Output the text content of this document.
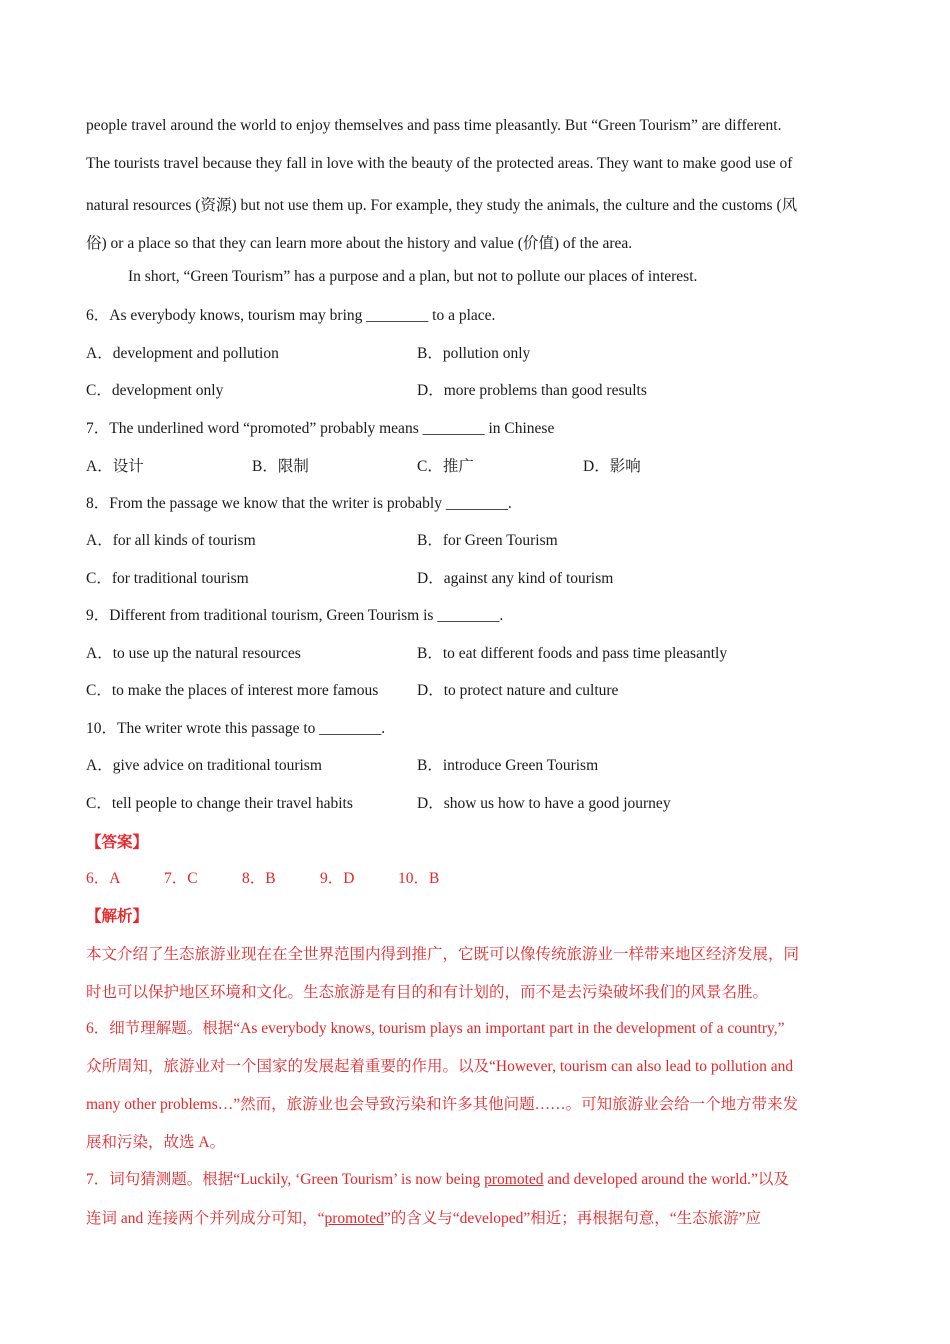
people travel around the world to enjoy themselves and pass time pleasantly. But “Green Tourism” are different.
The tourists travel because they fall in love with the beauty of the protected areas. They want to make good use of
natural resources (资源) but not use them up. For example, they study the animals, the culture and the customs (风
俗) or a place so that they can learn more about the history and value (价值) of the area.
In short, “Green Tourism” has a purpose and a plan, but not to pollute our places of interest.
6．As everybody knows, tourism may bring ________ to a place.
A．development and pollution	B．pollution only
C．development only	D．more problems than good results
7．The underlined word “promoted” probably means ________ in Chinese
A．设计	B．限制	C．推广	D．影响
8．From the passage we know that the writer is probably ________.
A．for all kinds of tourism	B．for Green Tourism
C．for traditional tourism	D．against any kind of tourism
9．Different from traditional tourism, Green Tourism is ________.
A．to use up the natural resources	B．to eat different foods and pass time pleasantly
C．to make the places of interest more famous D．to protect nature and culture
10．The writer wrote this passage to ________.
A．give advice on traditional tourism	B．introduce Green Tourism
C．tell people to change their travel habits	D．show us how to have a good journey
【答案】
6．A	7．C	8．B	9．D	10．B
【解析】
本文介绍了生态旅游业现在在全世界范围内得到推广，它既可以像传统旅游业一样带来地区经济发展，同
时也可以保护地区环境和文化。生态旅游是有目的和有计划的，而不是去污染破坏我们的风景名胜。
6．细节理解题。根据“As everybody knows, tourism plays an important part in the development of a country,”
众所周知，旅游业对一个国家的发展起着重要的作用。以及“However, tourism can also lead to pollution and
many other problems…”然而，旅游业也会导致污染和许多其他问题……。可知旅游业会给一个地方带来发
展和污染，故选 A。
7．词句猜测题。根据“Luckily, ‘Green Tourism’ is now being promoted and developed around the world.”以及
连词 and 连接两个并列成分可知，“promoted”的含义与“developed”相近；再根据句意，“生态旅游”应
